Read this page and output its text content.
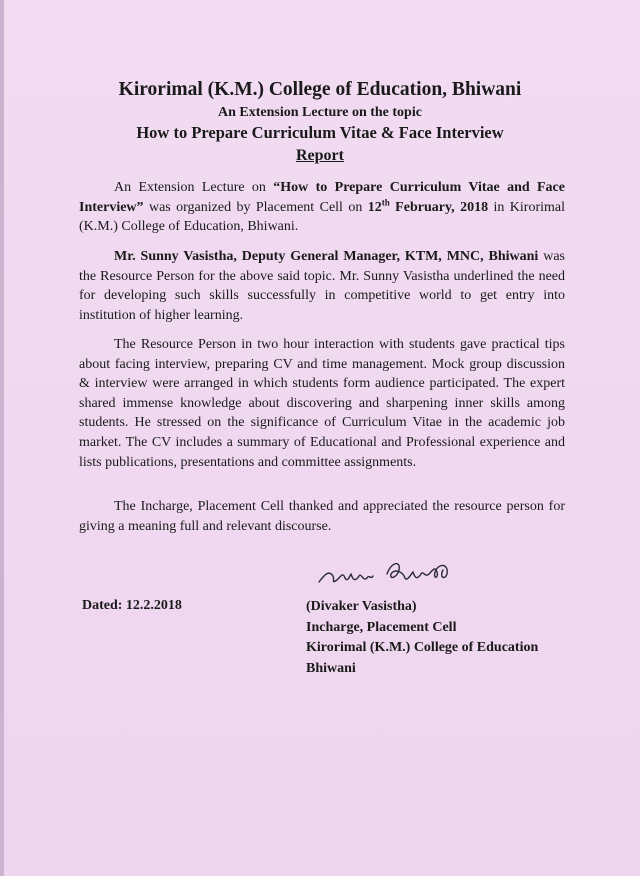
Kirorimal (K.M.) College of Education, Bhiwani
An Extension Lecture on the topic
How to Prepare Curriculum Vitae & Face Interview
Report
An Extension Lecture on “How to Prepare Curriculum Vitae and Face Interview” was organized by Placement Cell on 12th February, 2018 in Kirorimal (K.M.) College of Education, Bhiwani.
Mr. Sunny Vasistha, Deputy General Manager, KTM, MNC, Bhiwani was the Resource Person for the above said topic. Mr. Sunny Vasistha underlined the need for developing such skills successfully in competitive world to get entry into institution of higher learning.
The Resource Person in two hour interaction with students gave practical tips about facing interview, preparing CV and time management. Mock group discussion & interview were arranged in which students form audience participated. The expert shared immense knowledge about discovering and sharpening inner skills among students. He stressed on the significance of Curriculum Vitae in the academic job market. The CV includes a summary of Educational and Professional experience and lists publications, presentations and committee assignments.
The Incharge, Placement Cell thanked and appreciated the resource person for giving a meaning full and relevant discourse.
Dated: 12.2.2018	(Divaker Vasistha)
Incharge, Placement Cell
Kirorimal (K.M.) College of Education
Bhiwani
